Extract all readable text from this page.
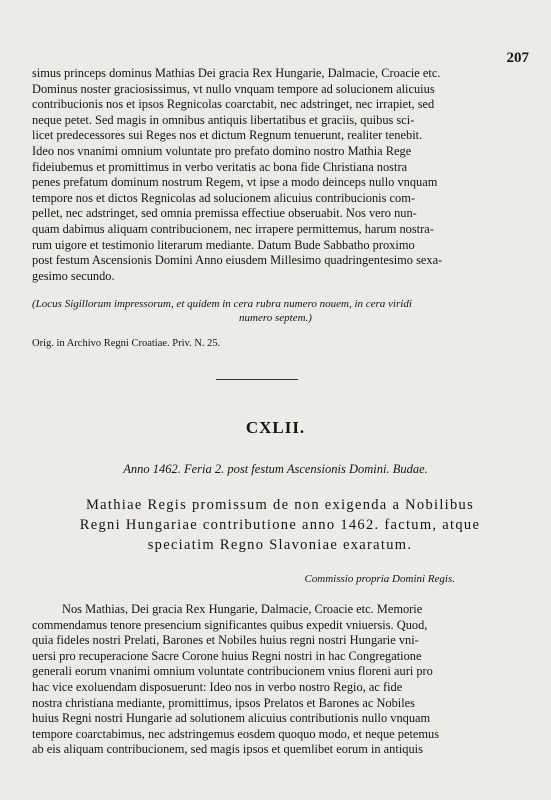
207
simus princeps dominus Mathias Dei gracia Rex Hungarie, Dalmacie, Croacie etc.
Dominus noster graciosissimus, vt nullo vnquam tempore ad solucionem alicuius
contribucionis nos et ipsos Regnicolas coarctabit, nec adstringet, nec irrapiet, sed
neque petet. Sed magis in omnibus antiquis libertatibus et graciis, quibus sci-
licet predecessores sui Reges nos et dictum Regnum tenuerunt, realiter tenebit.
Ideo nos vnanimi omnium voluntate pro prefato domino nostro Mathia Rege
fideiubemus et promittimus in verbo veritatis ac bona fide Christiana nostra
penes prefatum dominum nostrum Regem, vt ipse a modo deinceps nullo vnquam
tempore nos et dictos Regnicolas ad solucionem alicuius contribucionis com-
pellet, nec adstringet, sed omnia premissa effectiue obseruabit. Nos vero nun-
quam dabimus aliquam contribucionem, nec irrapere permittemus, harum nostra-
rum uigore et testimonio literarum mediante. Datum Bude Sabbatho proximo
post festum Ascensionis Domini Anno eiusdem Millesimo quadringentesimo sexa-
gesimo secundo.
(Locus Sigillorum impressorum, et quidem in cera rubra numero nouem, in cera viridi
numero septem.)
Orig. in Archivo Regni Croatiae. Priv. N. 25.
CXLII.
Anno 1462. Feria 2. post festum Ascensionis Domini. Budae.
Mathiae Regis promissum de non exigenda a Nobilibus
Regni Hungariae contributione anno 1462. factum, atque
speciatim Regno Slavoniae exaratum.
Commissio propria Domini Regis.
Nos Mathias, Dei gracia Rex Hungarie, Dalmacie, Croacie etc. Memorie
commendamus tenore presencium significantes quibus expedit vniuersis. Quod,
quia fideles nostri Prelati, Barones et Nobiles huius regni nostri Hungarie vni-
uersi pro recuperacione Sacre Corone huius Regni nostri in hac Congregatione
generali eorum vnanimi omnium voluntate contribucionem vnius floreni auri pro
hac vice exoluendam disposuerunt: Ideo nos in verbo nostro Regio, ac fide
nostra christiana mediante, promittimus, ipsos Prelatos et Barones ac Nobiles
huius Regni nostri Hungarie ad solutionem alicuius contributionis nullo vnquam
tempore coarctabimus, nec adstringemus eosdem quoquo modo, et neque petemus
ab eis aliquam contribucionem, sed magis ipsos et quemlibet eorum in antiquis
